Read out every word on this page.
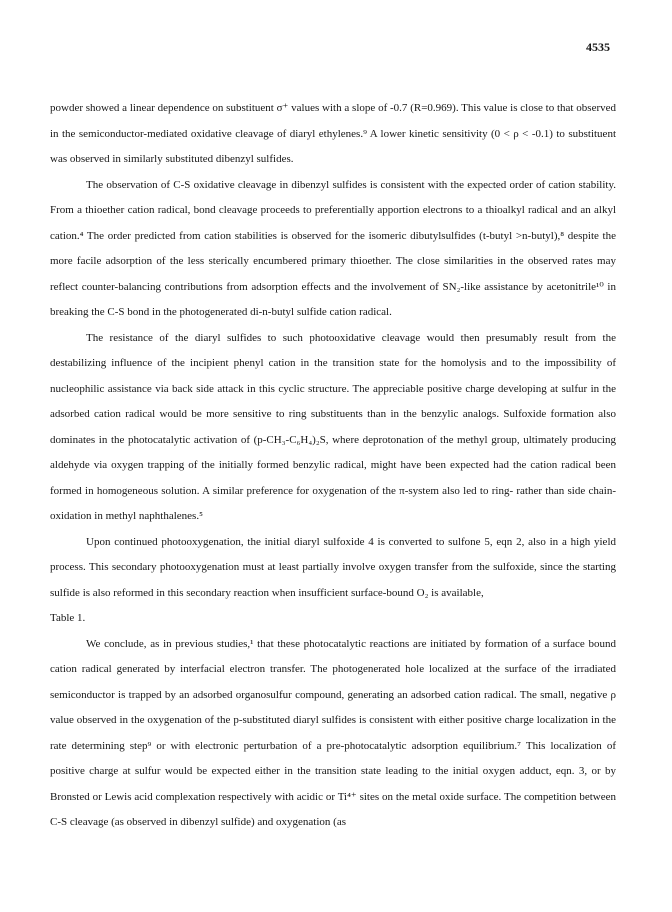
4535

powder showed a linear dependence on substituent σ⁺ values with a slope of -0.7 (R=0.969). This value is close to that observed in the semiconductor-mediated oxidative cleavage of diaryl ethylenes.⁹ A lower kinetic sensitivity (0 < ρ < -0.1) to substituent was observed in similarly substituted dibenzyl sulfides.

The observation of C-S oxidative cleavage in dibenzyl sulfides is consistent with the expected order of cation stability. From a thioether cation radical, bond cleavage proceeds to preferentially apportion electrons to a thioalkyl radical and an alkyl cation.⁴ The order predicted from cation stabilities is observed for the isomeric dibutylsulfides (t-butyl >n-butyl),⁸ despite the more facile adsorption of the less sterically encumbered primary thioether. The close similarities in the observed rates may reflect counter-balancing contributions from adsorption effects and the involvement of SN₂-like assistance by acetonitrile¹⁰ in breaking the C-S bond in the photogenerated di-n-butyl sulfide cation radical.

The resistance of the diaryl sulfides to such photooxidative cleavage would then presumably result from the destabilizing influence of the incipient phenyl cation in the transition state for the homolysis and to the impossibility of nucleophilic assistance via back side attack in this cyclic structure. The appreciable positive charge developing at sulfur in the adsorbed cation radical would be more sensitive to ring substituents than in the benzylic analogs. Sulfoxide formation also dominates in the photocatalytic activation of (p-CH₃-C₆H₄)₂S, where deprotonation of the methyl group, ultimately producing aldehyde via oxygen trapping of the initially formed benzylic radical, might have been expected had the cation radical been formed in homogeneous solution. A similar preference for oxygenation of the π-system also led to ring- rather than side chain- oxidation in methyl naphthalenes.⁵

Upon continued photooxygenation, the initial diaryl sulfoxide 4 is converted to sulfone 5, eqn 2, also in a high yield process. This secondary photooxygenation must at least partially involve oxygen transfer from the sulfoxide, since the starting sulfide is also reformed in this secondary reaction when insufficient surface-bound O₂ is available,
Table 1.

We conclude, as in previous studies,¹ that these photocatalytic reactions are initiated by formation of a surface bound cation radical generated by interfacial electron transfer. The photogenerated hole localized at the surface of the irradiated semiconductor is trapped by an adsorbed organosulfur compound, generating an adsorbed cation radical. The small, negative ρ value observed in the oxygenation of the p-substituted diaryl sulfides is consistent with either positive charge localization in the rate determining step⁹ or with electronic perturbation of a pre-photocatalytic adsorption equilibrium.⁷ This localization of positive charge at sulfur would be expected either in the transition state leading to the initial oxygen adduct, eqn. 3, or by Bronsted or Lewis acid complexation respectively with acidic or Ti⁴⁺ sites on the metal oxide surface. The competition between C-S cleavage (as observed in dibenzyl sulfide) and oxygenation (as
